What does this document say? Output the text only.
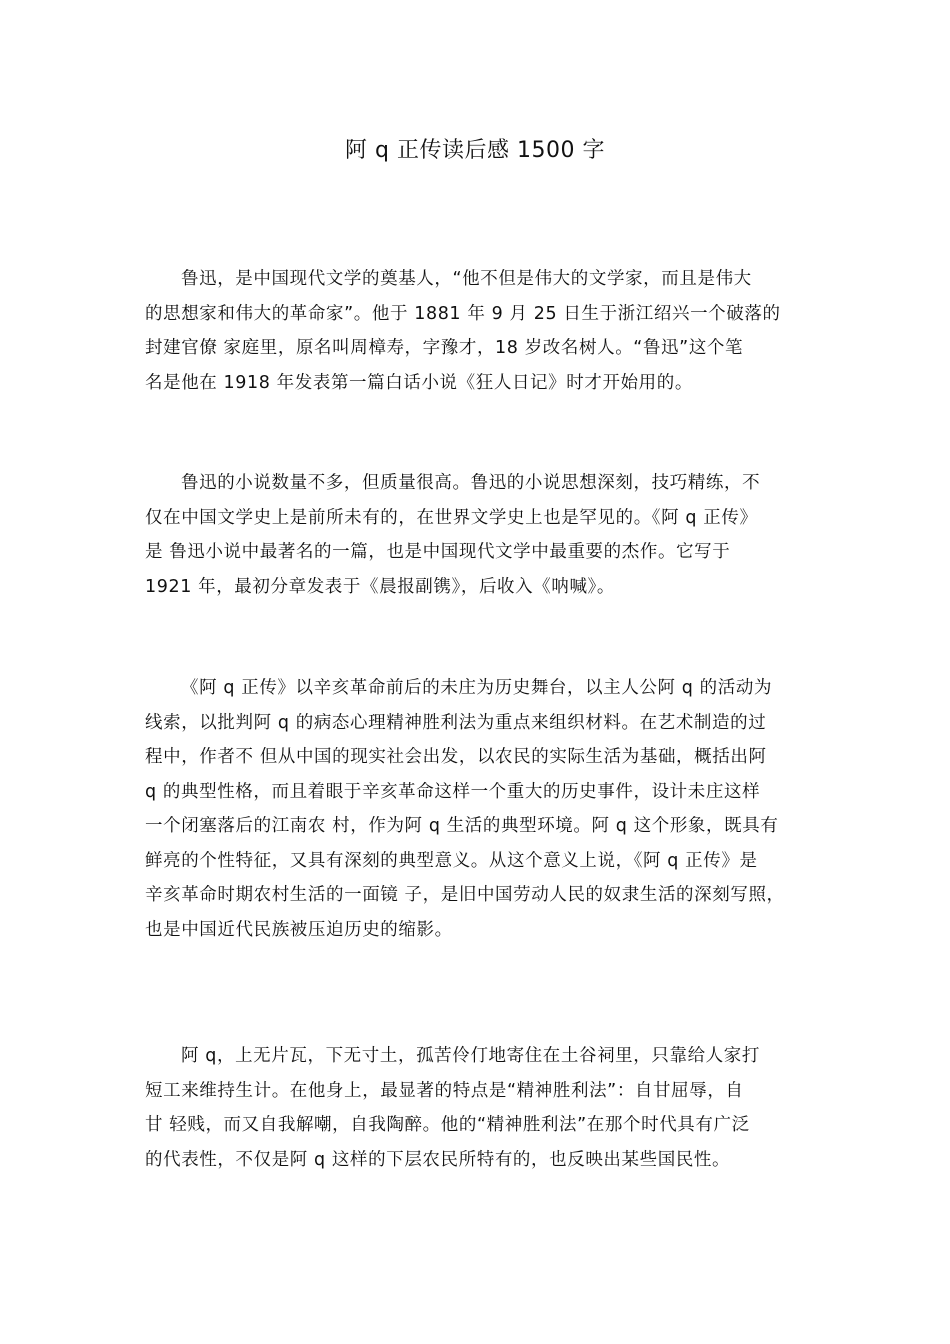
阿 q 正传读后感 1500 字
鲁迅，是中国现代文学的奠基人，“他不但是伟大的文学家，而且是伟大
的思想家和伟大的革命家”。他于 1881 年 9 月 25 日生于浙江绍兴一个破落的
封建官僚 家庭里，原名叫周樟寿，字豫才，18 岁改名树人。“鲁迅”这个笔
名是他在 1918 年发表第一篇白话小说《狂人日记》时才开始用的。
鲁迅的小说数量不多，但质量很高。鲁迅的小说思想深刻，技巧精练，不
仅在中国文学史上是前所未有的，在世界文学史上也是罕见的。《阿 q 正传》
是 鲁迅小说中最著名的一篇，也是中国现代文学中最重要的杰作。它写于
1921 年，最初分章发表于《晨报副镌》，后收入《呐喊》。
《阿 q 正传》以辛亥革命前后的未庄为历史舞台，以主人公阿 q 的活动为
线索，以批判阿 q 的病态心理精神胜利法为重点来组织材料。在艺术制造的过
程中，作者不 但从中国的现实社会出发，以农民的实际生活为基础，概括出阿
q 的典型性格，而且着眼于辛亥革命这样一个重大的历史事件，设计未庄这样
一个闭塞落后的江南农 村，作为阿 q 生活的典型环境。阿 q 这个形象，既具有
鲜亮的个性特征，又具有深刻的典型意义。从这个意义上说，《阿 q 正传》是
辛亥革命时期农村生活的一面镜 子，是旧中国劳动人民的奴隶生活的深刻写照，
也是中国近代民族被压迫历史的缩影。
阿 q，上无片瓦，下无寸土，孤苦伶仃地寄住在土谷祠里，只靠给人家打
短工来维持生计。在他身上，最显著的特点是“精神胜利法”：自甘屈辱，自
甘 轻贱，而又自我解嘲，自我陶醉。他的“精神胜利法”在那个时代具有广泛
的代表性，不仅是阿 q 这样的下层农民所特有的，也反映出某些国民性。
